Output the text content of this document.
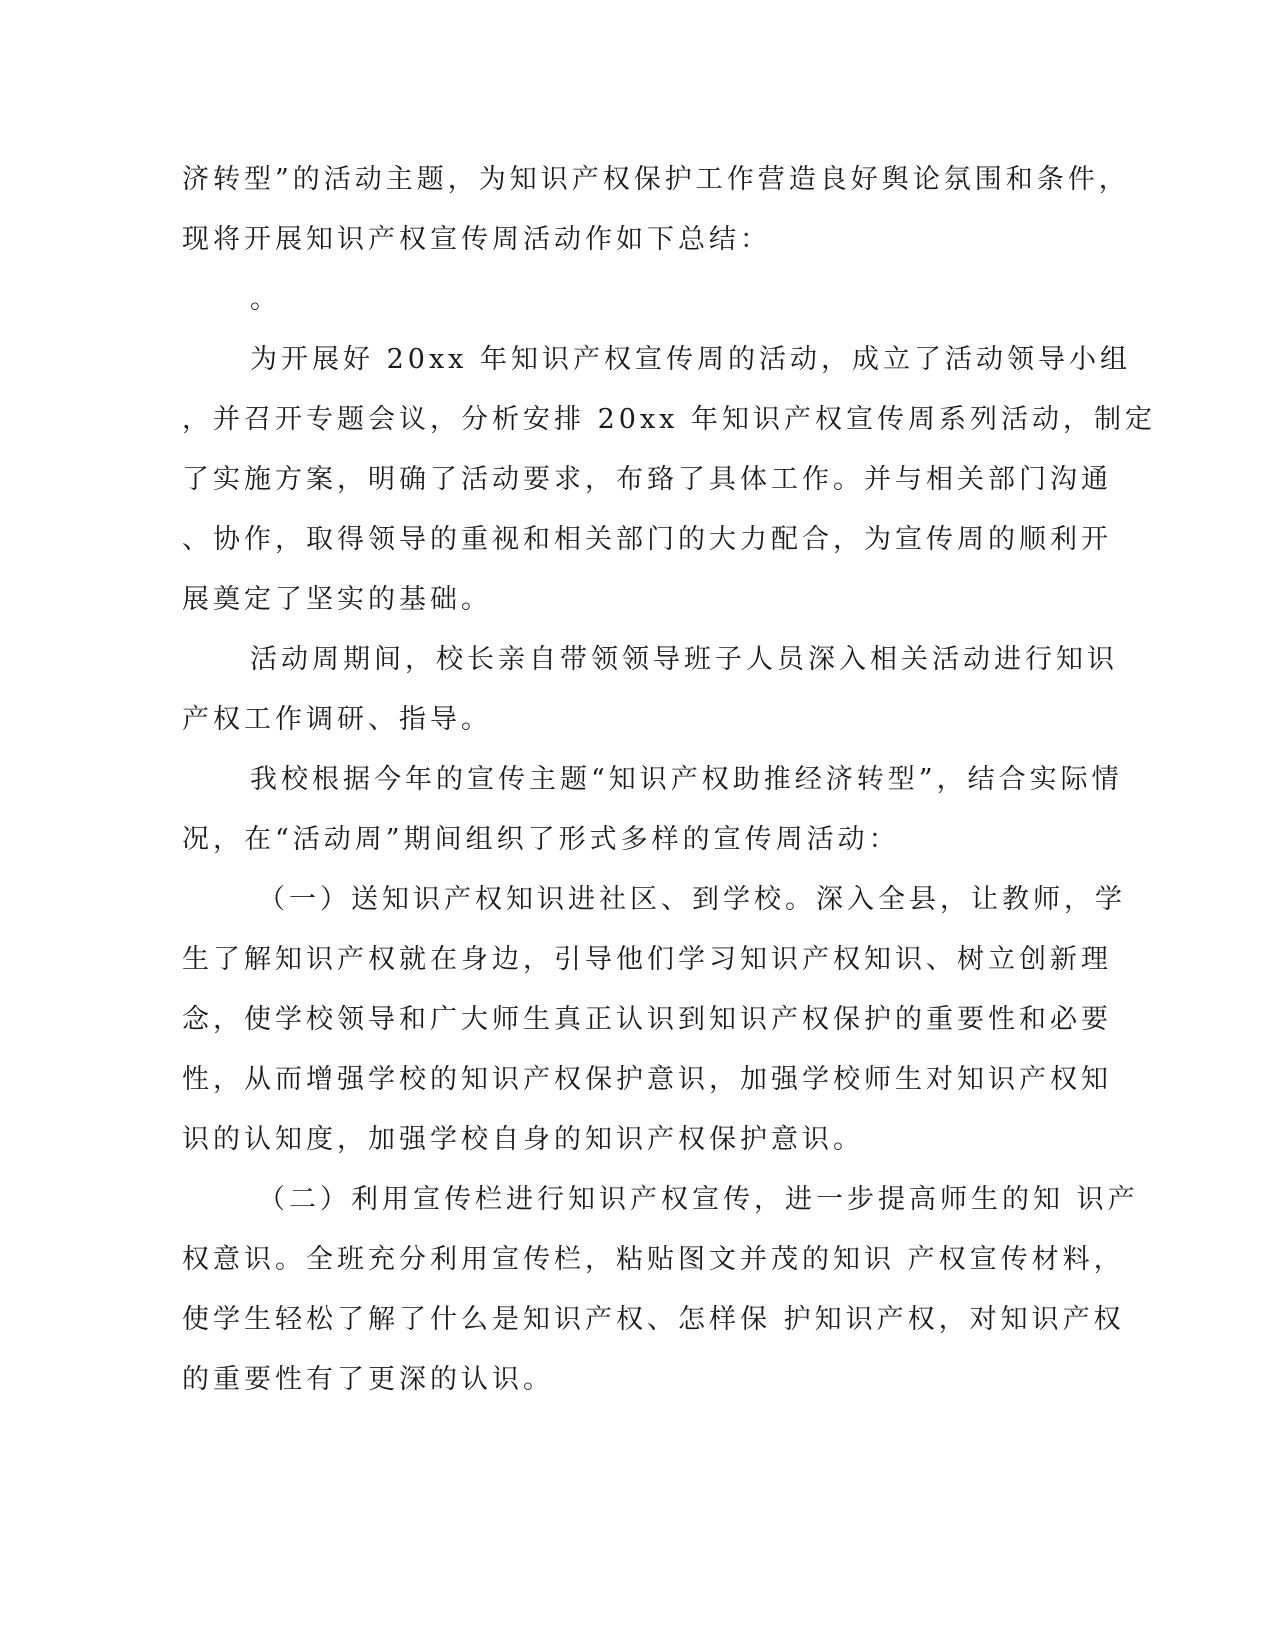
济转型”的活动主题，为知识产权保护工作营造良好舆论氛围和条件，
现将开展知识产权宣传周活动作如下总结：
。
为开展好 20xx 年知识产权宣传周的活动，成立了活动领导小组
，并召开专题会议，分析安排 20xx 年知识产权宣传周系列活动，制定
了实施方案，明确了活动要求，布臵了具体工作。并与相关部门沟通
、协作，取得领导的重视和相关部门的大力配合，为宣传周的顺利开
展奠定了坚实的基础。
活动周期间，校长亲自带领领导班子人员深入相关活动进行知识
产权工作调研、指导。
我校根据今年的宣传主题“知识产权助推经济转型”，结合实际情
况，在“活动周”期间组织了形式多样的宣传周活动：
（一）送知识产权知识进社区、到学校。深入全县，让教师，学
生了解知识产权就在身边，引导他们学习知识产权知识、树立创新理
念，使学校领导和广大师生真正认识到知识产权保护的重要性和必要
性，从而增强学校的知识产权保护意识，加强学校师生对知识产权知
识的认知度，加强学校自身的知识产权保护意识。
（二）利用宣传栏进行知识产权宣传，进一步提高师生的知 识产
权意识。全班充分利用宣传栏，粘贴图文并茂的知识 产权宣传材料，
使学生轻松了解了什么是知识产权、怎样保 护知识产权，对知识产权
的重要性有了更深的认识。
